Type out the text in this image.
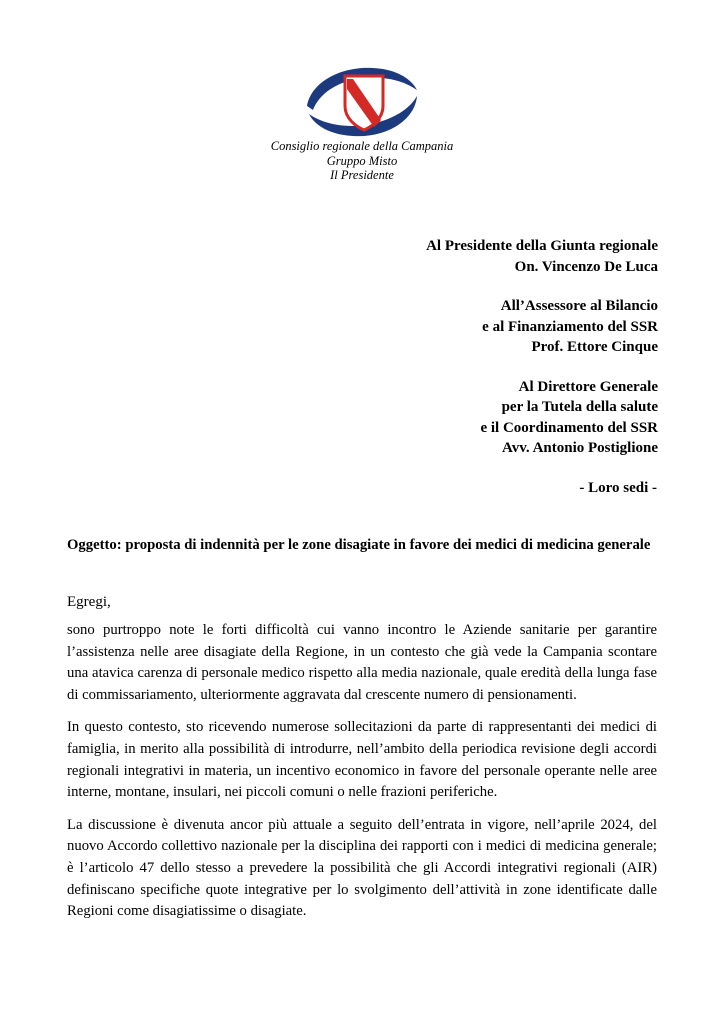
Consiglio regionale della Campania
Gruppo Misto
Il Presidente
Al Presidente della Giunta regionale
On. Vincenzo De Luca
All’Assessore al Bilancio
e al Finanziamento del SSR
Prof. Ettore Cinque
Al Direttore Generale
per la Tutela della salute
e il Coordinamento del SSR
Avv. Antonio Postiglione
- Loro sedi -
Oggetto: proposta di indennità per le zone disagiate in favore dei medici di medicina generale
Egregi,

sono purtroppo note le forti difficoltà cui vanno incontro le Aziende sanitarie per garantire l’assistenza nelle aree disagiate della Regione, in un contesto che già vede la Campania scontare una atavica carenza di personale medico rispetto alla media nazionale, quale eredità della lunga fase di commissariamento, ulteriormente aggravata dal crescente numero di pensionamenti.

In questo contesto, sto ricevendo numerose sollecitazioni da parte di rappresentanti dei medici di famiglia, in merito alla possibilità di introdurre, nell’ambito della periodica revisione degli accordi regionali integrativi in materia, un incentivo economico in favore del personale operante nelle aree interne, montane, insulari, nei piccoli comuni o nelle frazioni periferiche.

La discussione è divenuta ancor più attuale a seguito dell’entrata in vigore, nell’aprile 2024, del nuovo Accordo collettivo nazionale per la disciplina dei rapporti con i medici di medicina generale; è l’articolo 47 dello stesso a prevedere la possibilità che gli Accordi integrativi regionali (AIR) definiscano specifiche quote integrative per lo svolgimento dell’attività in zone identificate dalle Regioni come disagiatissime o disagiate.
